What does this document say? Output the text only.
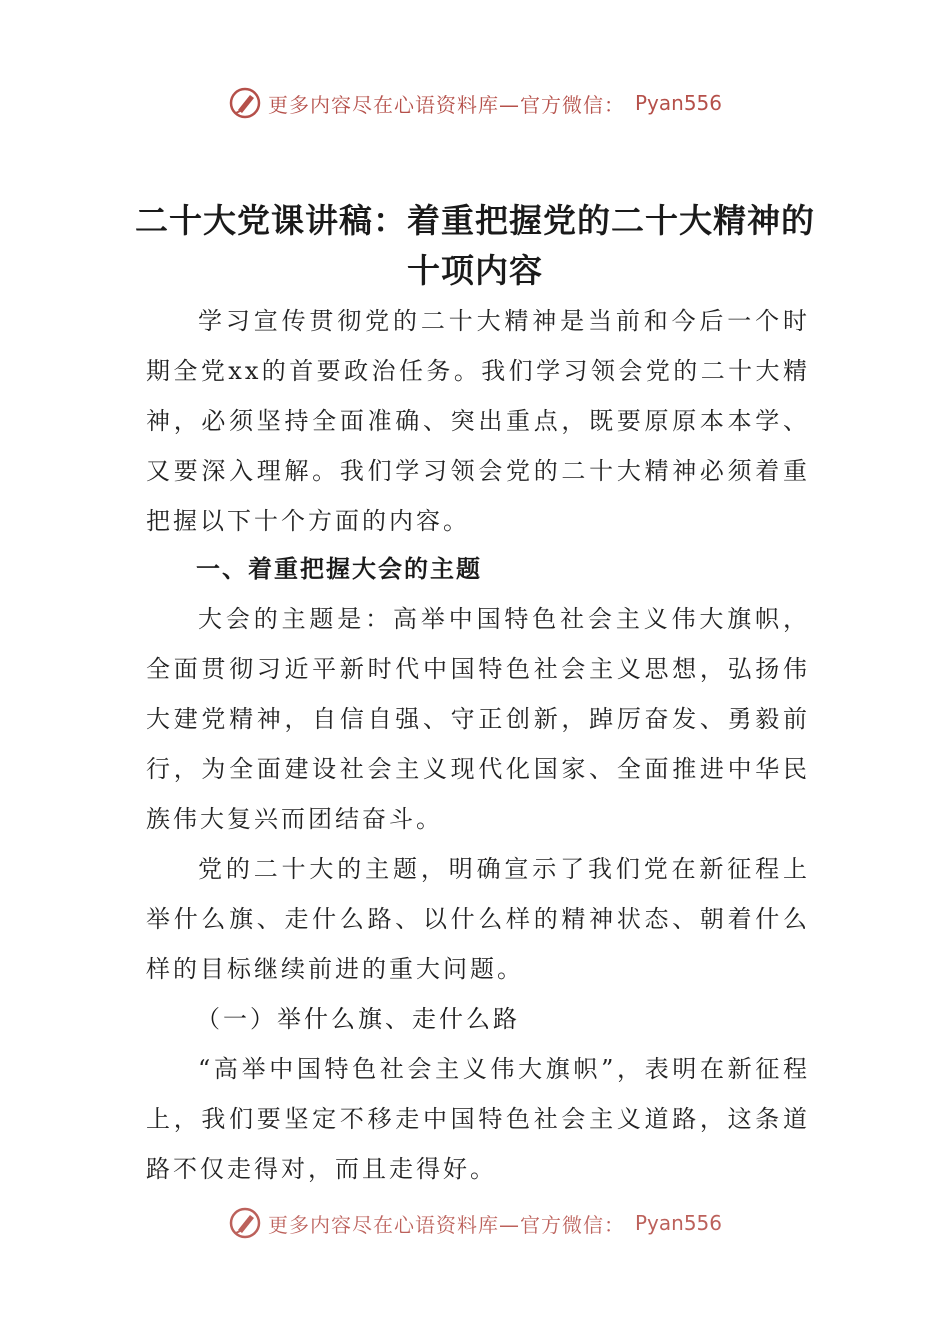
更多内容尽在心语资料库—官方微信： Pyan556
二十大党课讲稿：着重把握党的二十大精神的十项内容
学习宣传贯彻党的二十大精神是当前和今后一个时期全党xx的首要政治任务。我们学习领会党的二十大精神，必须坚持全面准确、突出重点，既要原原本本学、又要深入理解。我们学习领会党的二十大精神必须着重把握以下十个方面的内容。
一、着重把握大会的主题
大会的主题是：高举中国特色社会主义伟大旗帜，全面贯彻习近平新时代中国特色社会主义思想，弘扬伟大建党精神，自信自强、守正创新，踔厉奋发、勇毅前行，为全面建设社会主义现代化国家、全面推进中华民族伟大复兴而团结奋斗。
党的二十大的主题，明确宣示了我们党在新征程上举什么旗、走什么路、以什么样的精神状态、朝着什么样的目标继续前进的重大问题。
（一）举什么旗、走什么路
“高举中国特色社会主义伟大旗帜”，表明在新征程上，我们要坚定不移走中国特色社会主义道路，这条道路不仅走得对，而且走得好。
更多内容尽在心语资料库—官方微信： Pyan556
